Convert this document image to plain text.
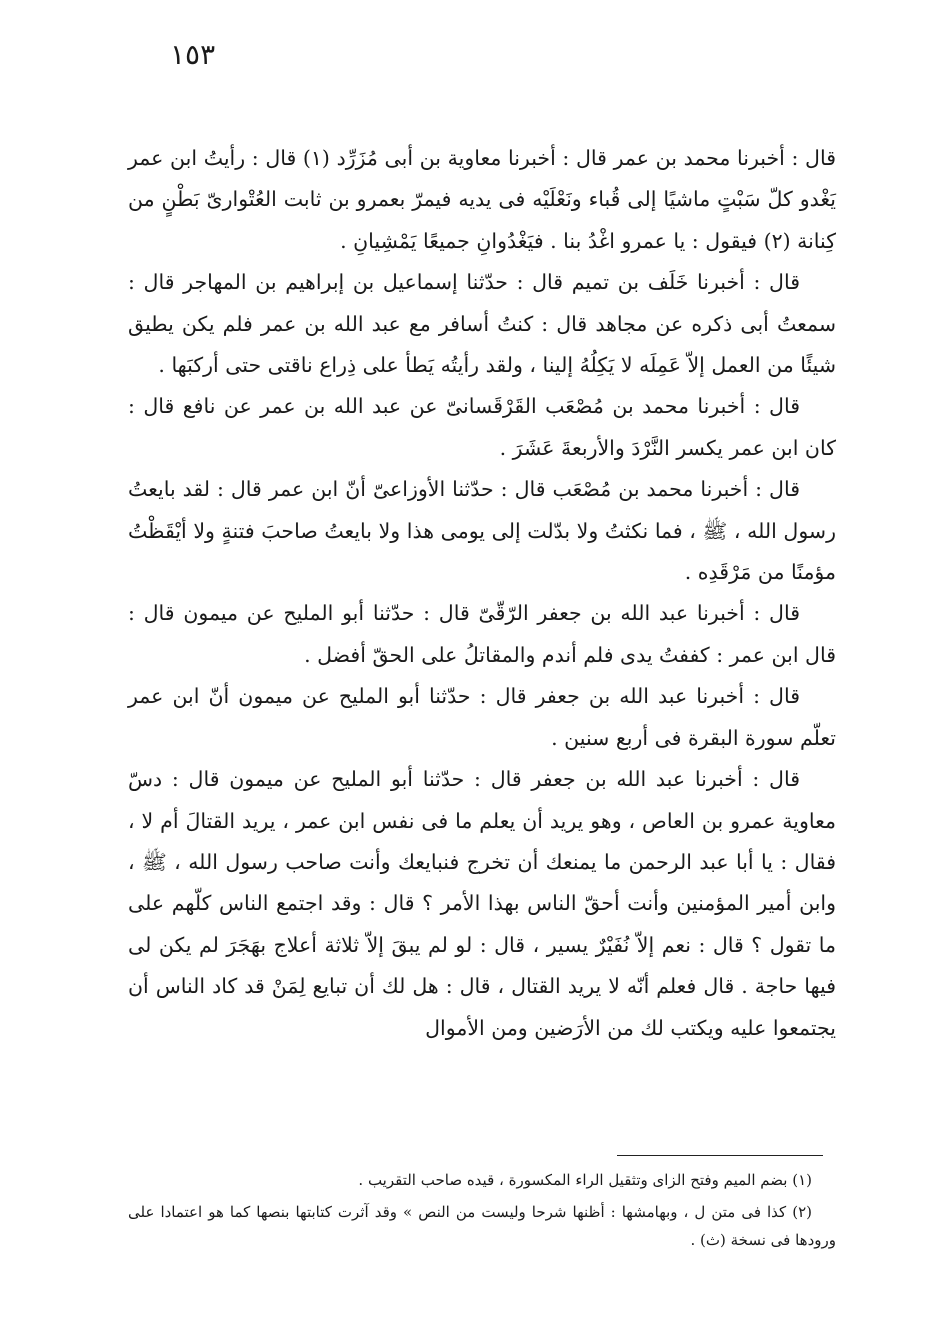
١٥٣

قال : أخبرنا محمد بن عمر قال : أخبرنا معاوية بن أبى مُزَرِّد (١) قال : رأيتُ ابن عمر يَغْدو كلّ سَبْتٍ ماشيًا إلى قُباء ونَعْلَيْه فى يديه فيمرّ بعمرو بن ثابت العُتْوارىّ بَطْنٍ من كِنانة (٢) فيقول : يا عمرو اغْدُ بنا . فيَغْدُوانِ جميعًا يَمْشِيانِ .

قال : أخبرنا خَلَف بن تميم قال : حدّثنا إسماعيل بن إبراهيم بن المهاجر قال : سمعتُ أبى ذكره عن مجاهد قال : كنتُ أسافر مع عبد الله بن عمر فلم يكن يطيق شيئًا من العمل إلاّ عَمِلَه لا يَكِلُهُ إلينا ، ولقد رأيتُه يَطأ على ذِراع ناقتى حتى أركبَها .

قال : أخبرنا محمد بن مُصْعَب القَرْقَسانىّ عن عبد الله بن عمر عن نافع قال : كان ابن عمر يكسر النَّرْدَ والأربعةَ عَشَرَ .

قال : أخبرنا محمد بن مُصْعَب قال : حدّثنا الأوزاعىّ أنّ ابن عمر قال : لقد بايعتُ رسول الله ، ﷺ ، فما نكثتُ ولا بدّلت إلى يومى هذا ولا بايعتُ صاحبَ فتنةٍ ولا أيْقَظْتُ مؤمنًا من مَرْقَدِه .

قال : أخبرنا عبد الله بن جعفر الرّقّىّ قال : حدّثنا أبو المليح عن ميمون قال : قال ابن عمر : كففتُ يدى فلم أندم والمقاتلُ على الحقّ أفضل .

قال : أخبرنا عبد الله بن جعفر قال : حدّثنا أبو المليح عن ميمون أنّ ابن عمر تعلّم سورة البقرة فى أربع سنين .

قال : أخبرنا عبد الله بن جعفر قال : حدّثنا أبو المليح عن ميمون قال : دسّ معاوية عمرو بن العاص ، وهو يريد أن يعلم ما فى نفس ابن عمر ، يريد القتالَ أم لا ، فقال : يا أبا عبد الرحمن ما يمنعك أن تخرج فنبايعك وأنت صاحب رسول الله ، ﷺ ، وابن أمير المؤمنين وأنت أحقّ الناس بهذا الأمر ؟ قال : وقد اجتمع الناس كلّهم على ما تقول ؟ قال : نعم إلاّ نُفَيْرٌ يسير ، قال : لو لم يبقَ إلاّ ثلاثة أعلاج بهَجَرَ لم يكن لى فيها حاجة . قال فعلم أنّه لا يريد القتال ، قال : هل لك أن تبايع لِمَنْ قد كاد الناس أن يجتمعوا عليه ويكتب لك من الأرَضين ومن الأموال

(١) بضم الميم وفتح الزاى وتثقيل الراء المكسورة ، قيده صاحب التقريب .

(٢) كذا فى متن ل ، وبهامشها : أظنها شرحا وليست من النص » وقد آثرت كتابتها بنصها كما هو اعتمادا على ورودها فى نسخة (ث) .
